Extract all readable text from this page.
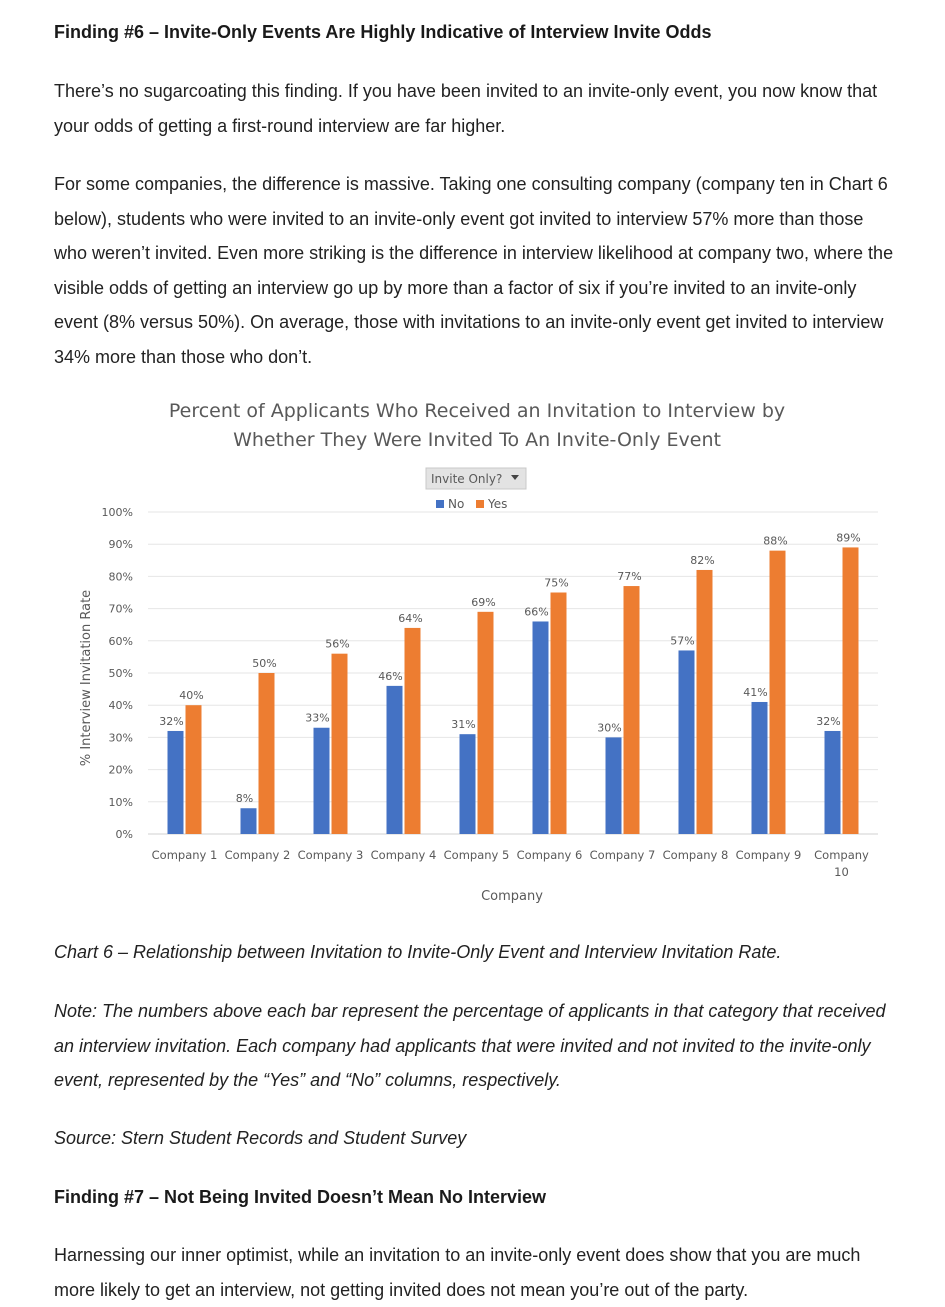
Finding #6 – Invite-Only Events Are Highly Indicative of Interview Invite Odds

There’s no sugarcoating this finding. If you have been invited to an invite-only event, you now know that your odds of getting a first-round interview are far higher.

For some companies, the difference is massive. Taking one consulting company (company ten in Chart 6 below), students who were invited to an invite-only event got invited to interview 57% more than those who weren’t invited. Even more striking is the difference in interview likelihood at company two, where the visible odds of getting an interview go up by more than a factor of six if you’re invited to an invite-only event (8% versus 50%). On average, those with invitations to an invite-only event get invited to interview 34% more than those who don’t.

Percent of Applicants Who Received an Invitation to Interview by
Whether They Were Invited To An Invite-Only Event
Invite Only?
No Yes
0%
10%
20%
30%
40%
50%
60%
70%
80%
90%
100%
32%
40%
8%
50%
33%
56%
46%
64%
31%
69%
66%
75%
30%
77%
57%
82%
41%
88%
32%
89%
Company 1 Company 2 Company 3 Company 4 Company 5 Company 6 Company 7 Company 8 Company 9 Company
10
Company
% Interview Invitation Rate

Chart 6 – Relationship between Invitation to Invite-Only Event and Interview Invitation Rate.

Note: The numbers above each bar represent the percentage of applicants in that category that received an interview invitation. Each company had applicants that were invited and not invited to the invite-only event, represented by the “Yes” and “No” columns, respectively.

Source: Stern Student Records and Student Survey

Finding #7 – Not Being Invited Doesn’t Mean No Interview

Harnessing our inner optimist, while an invitation to an invite-only event does show that you are much more likely to get an interview, not getting invited does not mean you’re out of the party.
